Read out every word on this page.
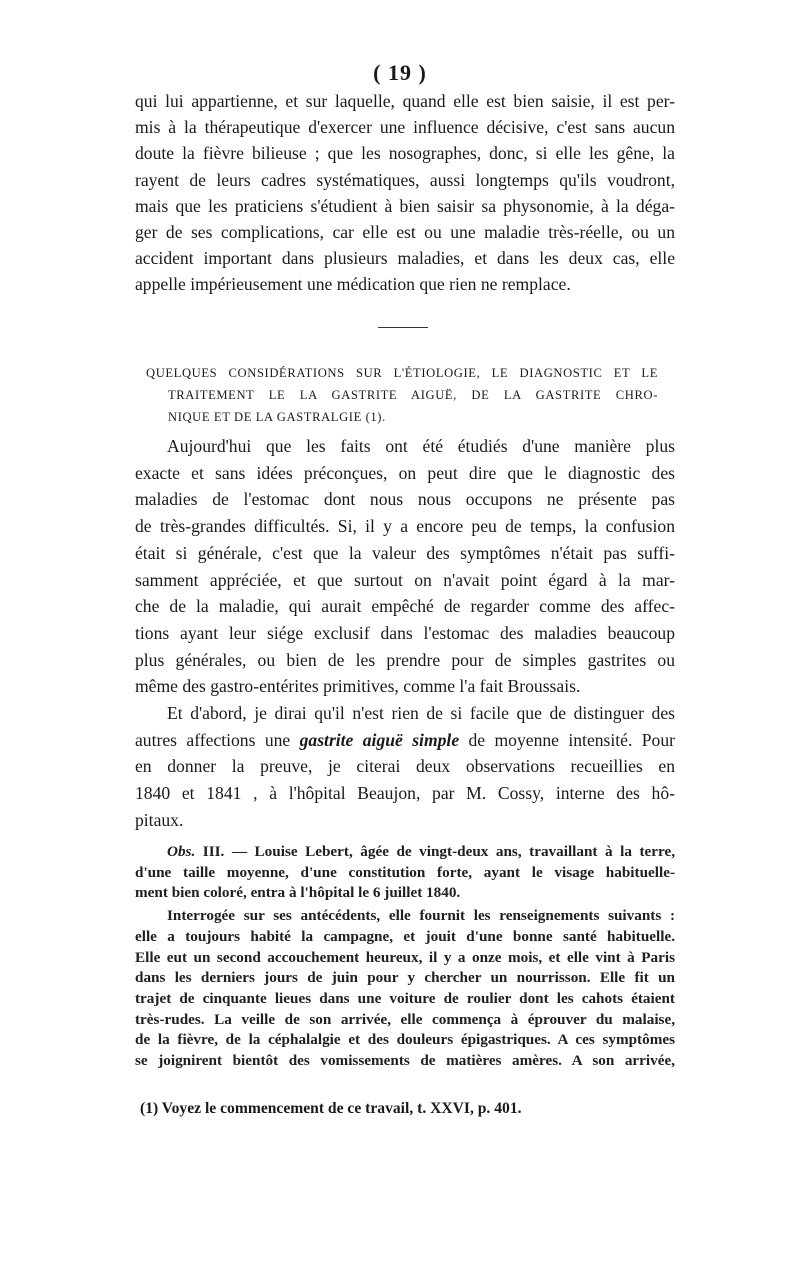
( 19 )
qui lui appartienne, et sur laquelle, quand elle est bien saisie, il est per-
mis à la thérapeutique d'exercer une influence décisive, c'est sans aucun
doute la fièvre bilieuse ; que les nosographes, donc, si elle les gêne, la
rayent de leurs cadres systématiques, aussi longtemps qu'ils voudront,
mais que les praticiens s'étudient à bien saisir sa physonomie, à la déga-
ger de ses complications, car elle est ou une maladie très-réelle, ou un
accident important dans plusieurs maladies, et dans les deux cas, elle
appelle impérieusement une médication que rien ne remplace.
QUELQUES CONSIDÉRATIONS SUR L'ÉTIOLOGIE, LE DIAGNOSTIC ET LE
TRAITEMENT LE LA GASTRITE AIGUË, DE LA GASTRITE CHRO-
NIQUE ET DE LA GASTRALGIE (1).
Aujourd'hui que les faits ont été étudiés d'une manière plus
exacte et sans idées préconçues, on peut dire que le diagnostic des
maladies de l'estomac dont nous nous occupons ne présente pas
de très-grandes difficultés. Si, il y a encore peu de temps, la confusion
était si générale, c'est que la valeur des symptômes n'était pas suffi-
samment appréciée, et que surtout on n'avait point égard à la mar-
che de la maladie, qui aurait empêché de regarder comme des affec-
tions ayant leur siége exclusif dans l'estomac des maladies beaucoup
plus générales, ou bien de les prendre pour de simples gastrites ou
même des gastro-entérites primitives, comme l'a fait Broussais.
Et d'abord, je dirai qu'il n'est rien de si facile que de distinguer des
autres affections une gastrite aiguë simple de moyenne intensité. Pour
en donner la preuve, je citerai deux observations recueillies en
1840 et 1841 , à l'hôpital Beaujon, par M. Cossy, interne des hô-
pitaux.
Obs. III. — Louise Lebert, âgée de vingt-deux ans, travaillant à la terre,
d'une taille moyenne, d'une constitution forte, ayant le visage habituelle-
ment bien coloré, entra à l'hôpital le 6 juillet 1840.
Interrogée sur ses antécédents, elle fournit les renseignements suivants :
elle a toujours habité la campagne, et jouit d'une bonne santé habituelle.
Elle eut un second accouchement heureux, il y a onze mois, et elle vint à Paris
dans les derniers jours de juin pour y chercher un nourrisson. Elle fit un
trajet de cinquante lieues dans une voiture de roulier dont les cahots étaient
très-rudes. La veille de son arrivée, elle commença à éprouver du malaise,
de la fièvre, de la céphalalgie et des douleurs épigastriques. A ces symptômes
se joignirent bientôt des vomissements de matières amères. A son arrivée,
(1) Voyez le commencement de ce travail, t. XXVI, p. 401.
